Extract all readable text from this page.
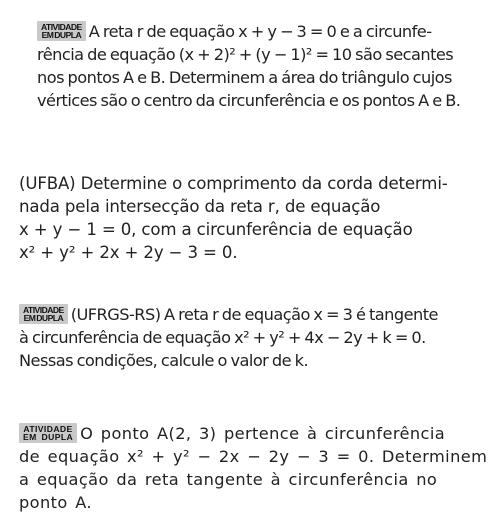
ATIVIDADE
EM DUPLA A reta r de equação x + y − 3 = 0 e a circunfe-
rência de equação (x + 2)² + (y − 1)² = 10 são secantes
nos pontos A e B. Determinem a área do triângulo cujos
vértices são o centro da circunferência e os pontos A e B.
(UFBA) Determine o comprimento da corda determi-
nada pela intersecção da reta r, de equação
x + y − 1 = 0, com a circunferência de equação
x² + y² + 2x + 2y − 3 = 0.
ATIVIDADE
EM DUPLA (UFRGS-RS) A reta r de equação x = 3 é tangente
à circunferência de equação x² + y² + 4x − 2y + k = 0.
Nessas condições, calcule o valor de k.
ATIVIDADE
EM DUPLA O ponto A(2, 3) pertence à circunferência
de equação x² + y² − 2x − 2y − 3 = 0. Determinem
a equação da reta tangente à circunferência no
ponto A.
